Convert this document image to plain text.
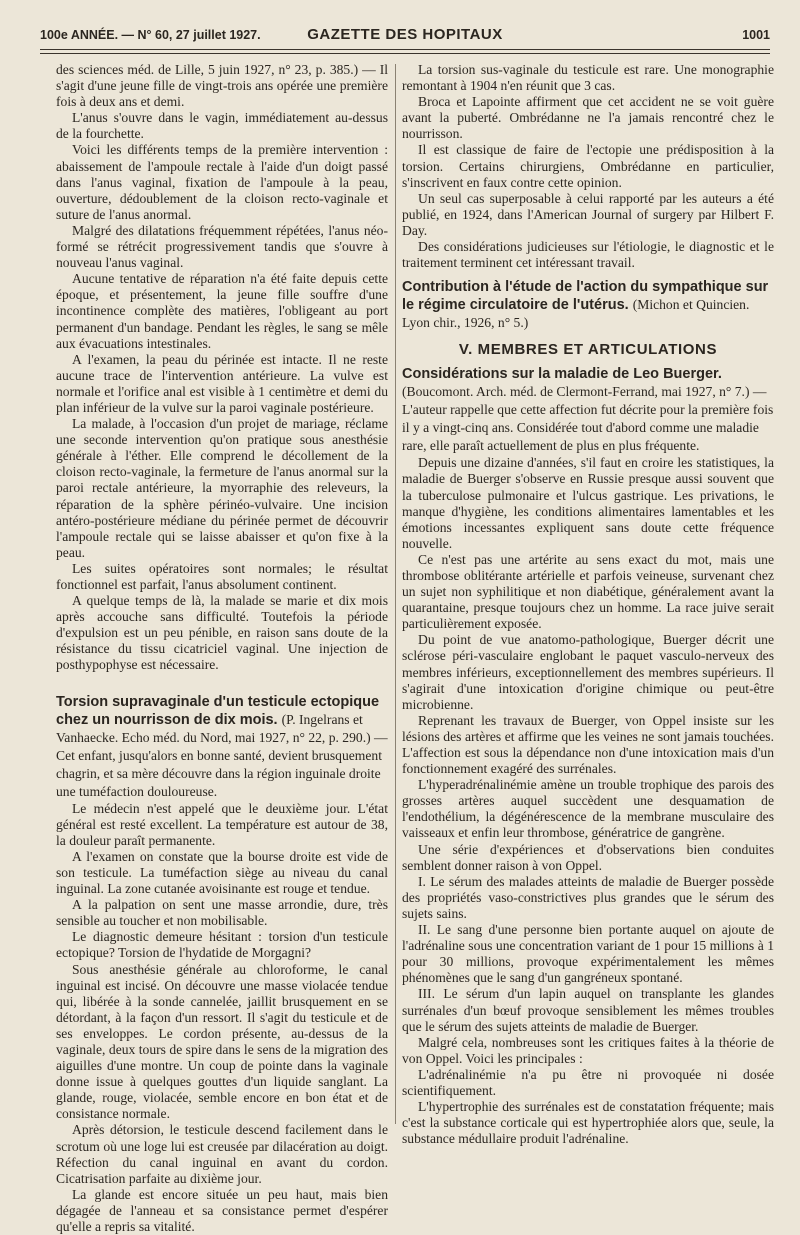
100e ANNÉE. — N° 60, 27 juillet 1927.	GAZETTE DES HOPITAUX	1001

des sciences méd. de Lille, 5 juin 1927, n° 23, p. 385.) — Il s'agit d'une jeune fille de vingt-trois ans opérée une première fois à deux ans et demi.

L'anus s'ouvre dans le vagin, immédiatement au-dessus de la fourchette.

Voici les différents temps de la première intervention : abaissement de l'ampoule rectale à l'aide d'un doigt passé dans l'anus vaginal, fixation de l'ampoule à la peau, ouverture, dédoublement de la cloison recto-vaginale et suture de l'anus anormal.

Malgré des dilatations fréquemment répétées, l'anus néo-formé se rétrécit progressivement tandis que s'ouvre à nouveau l'anus vaginal.

Aucune tentative de réparation n'a été faite depuis cette époque, et présentement, la jeune fille souffre d'une incontinence complète des matières, l'obligeant au port permanent d'un bandage. Pendant les règles, le sang se mêle aux évacuations intestinales.

A l'examen, la peau du périnée est intacte. Il ne reste aucune trace de l'intervention antérieure. La vulve est normale et l'orifice anal est visible à 1 centimètre et demi du plan inférieur de la vulve sur la paroi vaginale postérieure.

La malade, à l'occasion d'un projet de mariage, réclame une seconde intervention qu'on pratique sous anesthésie générale à l'éther. Elle comprend le décollement de la cloison recto-vaginale, la fermeture de l'anus anormal sur la paroi rectale antérieure, la myorraphie des releveurs, la réparation de la sphère périnéo-vulvaire. Une incision antéro-postérieure médiane du périnée permet de découvrir l'ampoule rectale qui se laisse abaisser et qu'on fixe à la peau.

Les suites opératoires sont normales; le résultat fonctionnel est parfait, l'anus absolument continent.

A quelque temps de là, la malade se marie et dix mois après accouche sans difficulté. Toutefois la période d'expulsion est un peu pénible, en raison sans doute de la résistance du tissu cicatriciel vaginal. Une injection de posthypophyse est nécessaire.

Torsion supravaginale d'un testicule ectopique chez un nourrisson de dix mois. (P. Ingelrans et Vanhaecke. Echo méd. du Nord, mai 1927, n° 22, p. 290.) — Cet enfant, jusqu'alors en bonne santé, devient brusquement chagrin, et sa mère découvre dans la région inguinale droite une tuméfaction douloureuse.

Le médecin n'est appelé que le deuxième jour. L'état général est resté excellent. La température est autour de 38, la douleur paraît permanente.

A l'examen on constate que la bourse droite est vide de son testicule. La tuméfaction siège au niveau du canal inguinal. La zone cutanée avoisinante est rouge et tendue.

A la palpation on sent une masse arrondie, dure, très sensible au toucher et non mobilisable.

Le diagnostic demeure hésitant : torsion d'un testicule ectopique? Torsion de l'hydatide de Morgagni?

Sous anesthésie générale au chloroforme, le canal inguinal est incisé. On découvre une masse violacée tendue qui, libérée à la sonde cannelée, jaillit brusquement en se détordant, à la façon d'un ressort. Il s'agit du testicule et de ses enveloppes. Le cordon présente, au-dessus de la vaginale, deux tours de spire dans le sens de la migration des aiguilles d'une montre. Un coup de pointe dans la vaginale donne issue à quelques gouttes d'un liquide sanglant. La glande, rouge, violacée, semble encore en bon état et de consistance normale.

Après détorsion, le testicule descend facilement dans le scrotum où une loge lui est creusée par dilacération au doigt. Réfection du canal inguinal en avant du cordon. Cicatrisation parfaite au dixième jour.

La glande est encore située un peu haut, mais bien dégagée de l'anneau et sa consistance permet d'espérer qu'elle a repris sa vitalité.

La torsion sus-vaginale du testicule est rare. Une monographie remontant à 1904 n'en réunit que 3 cas.

Broca et Lapointe affirment que cet accident ne se voit guère avant la puberté. Ombrédanne ne l'a jamais rencontré chez le nourrisson.

Il est classique de faire de l'ectopie une prédisposition à la torsion. Certains chirurgiens, Ombrédanne en particulier, s'inscrivent en faux contre cette opinion.

Un seul cas superposable à celui rapporté par les auteurs a été publié, en 1924, dans l'American Journal of surgery par Hilbert F. Day.

Des considérations judicieuses sur l'étiologie, le diagnostic et le traitement terminent cet intéressant travail.

Contribution à l'étude de l'action du sympathique sur le régime circulatoire de l'utérus. (Michon et Quincien. Lyon chir., 1926, n° 5.)
V. MEMBRES ET ARTICULATIONS
Considérations sur la maladie de Leo Buerger. (Boucomont. Arch. méd. de Clermont-Ferrand, mai 1927, n° 7.) — L'auteur rappelle que cette affection fut décrite pour la première fois il y a vingt-cinq ans. Considérée tout d'abord comme une maladie rare, elle paraît actuellement de plus en plus fréquente.

Depuis une dizaine d'années, s'il faut en croire les statistiques, la maladie de Buerger s'observe en Russie presque aussi souvent que la tuberculose pulmonaire et l'ulcus gastrique. Les privations, le manque d'hygiène, les conditions alimentaires lamentables et les émotions incessantes expliquent sans doute cette fréquence nouvelle.

Ce n'est pas une artérite au sens exact du mot, mais une thrombose oblitérante artérielle et parfois veineuse, survenant chez un sujet non syphilitique et non diabétique, généralement avant la quarantaine, presque toujours chez un homme. La race juive serait particulièrement exposée.

Du point de vue anatomo-pathologique, Buerger décrit une sclérose péri-vasculaire englobant le paquet vasculo-nerveux des membres inférieurs, exceptionnellement des membres supérieurs. Il s'agirait d'une intoxication d'origine chimique ou peut-être microbienne.

Reprenant les travaux de Buerger, von Oppel insiste sur les lésions des artères et affirme que les veines ne sont jamais touchées. L'affection est sous la dépendance non d'une intoxication mais d'un fonctionnement exagéré des surrénales.

L'hyperadrénalinémie amène un trouble trophique des parois des grosses artères auquel succèdent une desquamation de l'endothélium, la dégénérescence de la membrane musculaire des vaisseaux et enfin leur thrombose, génératrice de gangrène.

Une série d'expériences et d'observations bien conduites semblent donner raison à von Oppel.

I. Le sérum des malades atteints de maladie de Buerger possède des propriétés vaso-constrictives plus grandes que le sérum des sujets sains.

II. Le sang d'une personne bien portante auquel on ajoute de l'adrénaline sous une concentration variant de 1 pour 15 millions à 1 pour 30 millions, provoque expérimentalement les mêmes phénomènes que le sang d'un gangréneux spontané.

III. Le sérum d'un lapin auquel on transplante les glandes surrénales d'un bœuf provoque sensiblement les mêmes troubles que le sérum des sujets atteints de maladie de Buerger.

Malgré cela, nombreuses sont les critiques faites à la théorie de von Oppel. Voici les principales :

L'adrénalinémie n'a pu être ni provoquée ni dosée scientifiquement.

L'hypertrophie des surrénales est de constatation fréquente; mais c'est la substance corticale qui est hypertrophiée alors que, seule, la substance médullaire produit l'adrénaline.
